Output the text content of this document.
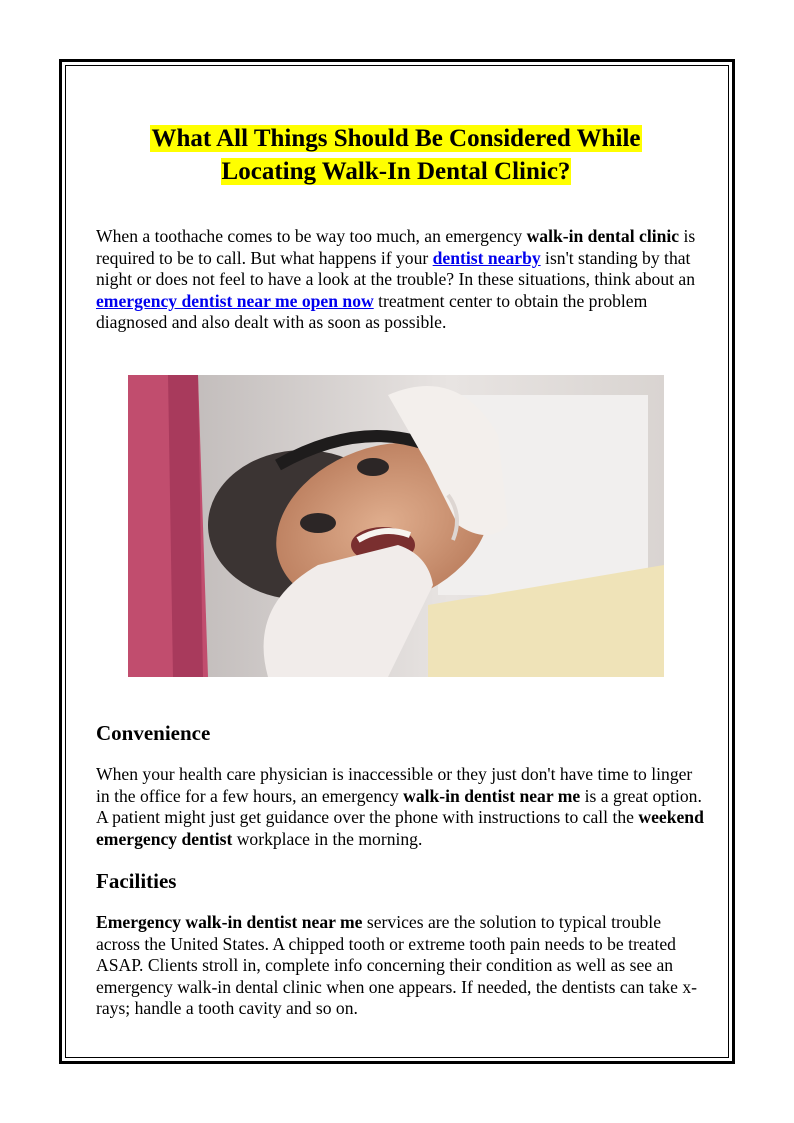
What All Things Should Be Considered While
Locating Walk-In Dental Clinic?

When a toothache comes to be way too much, an emergency walk-in dental clinic is required to be to call. But what happens if your dentist nearby isn't standing by that night or does not feel to have a look at the trouble? In these situations, think about an emergency dentist near me open now treatment center to obtain the problem diagnosed and also dealt with as soon as possible.

Convenience

When your health care physician is inaccessible or they just don't have time to linger in the office for a few hours, an emergency walk-in dentist near me is a great option. A patient might just get guidance over the phone with instructions to call the weekend emergency dentist workplace in the morning.

Facilities

Emergency walk-in dentist near me services are the solution to typical trouble across the United States. A chipped tooth or extreme tooth pain needs to be treated ASAP. Clients stroll in, complete info concerning their condition as well as see an emergency walk-in dental clinic when one appears. If needed, the dentists can take x-rays; handle a tooth cavity and so on.
